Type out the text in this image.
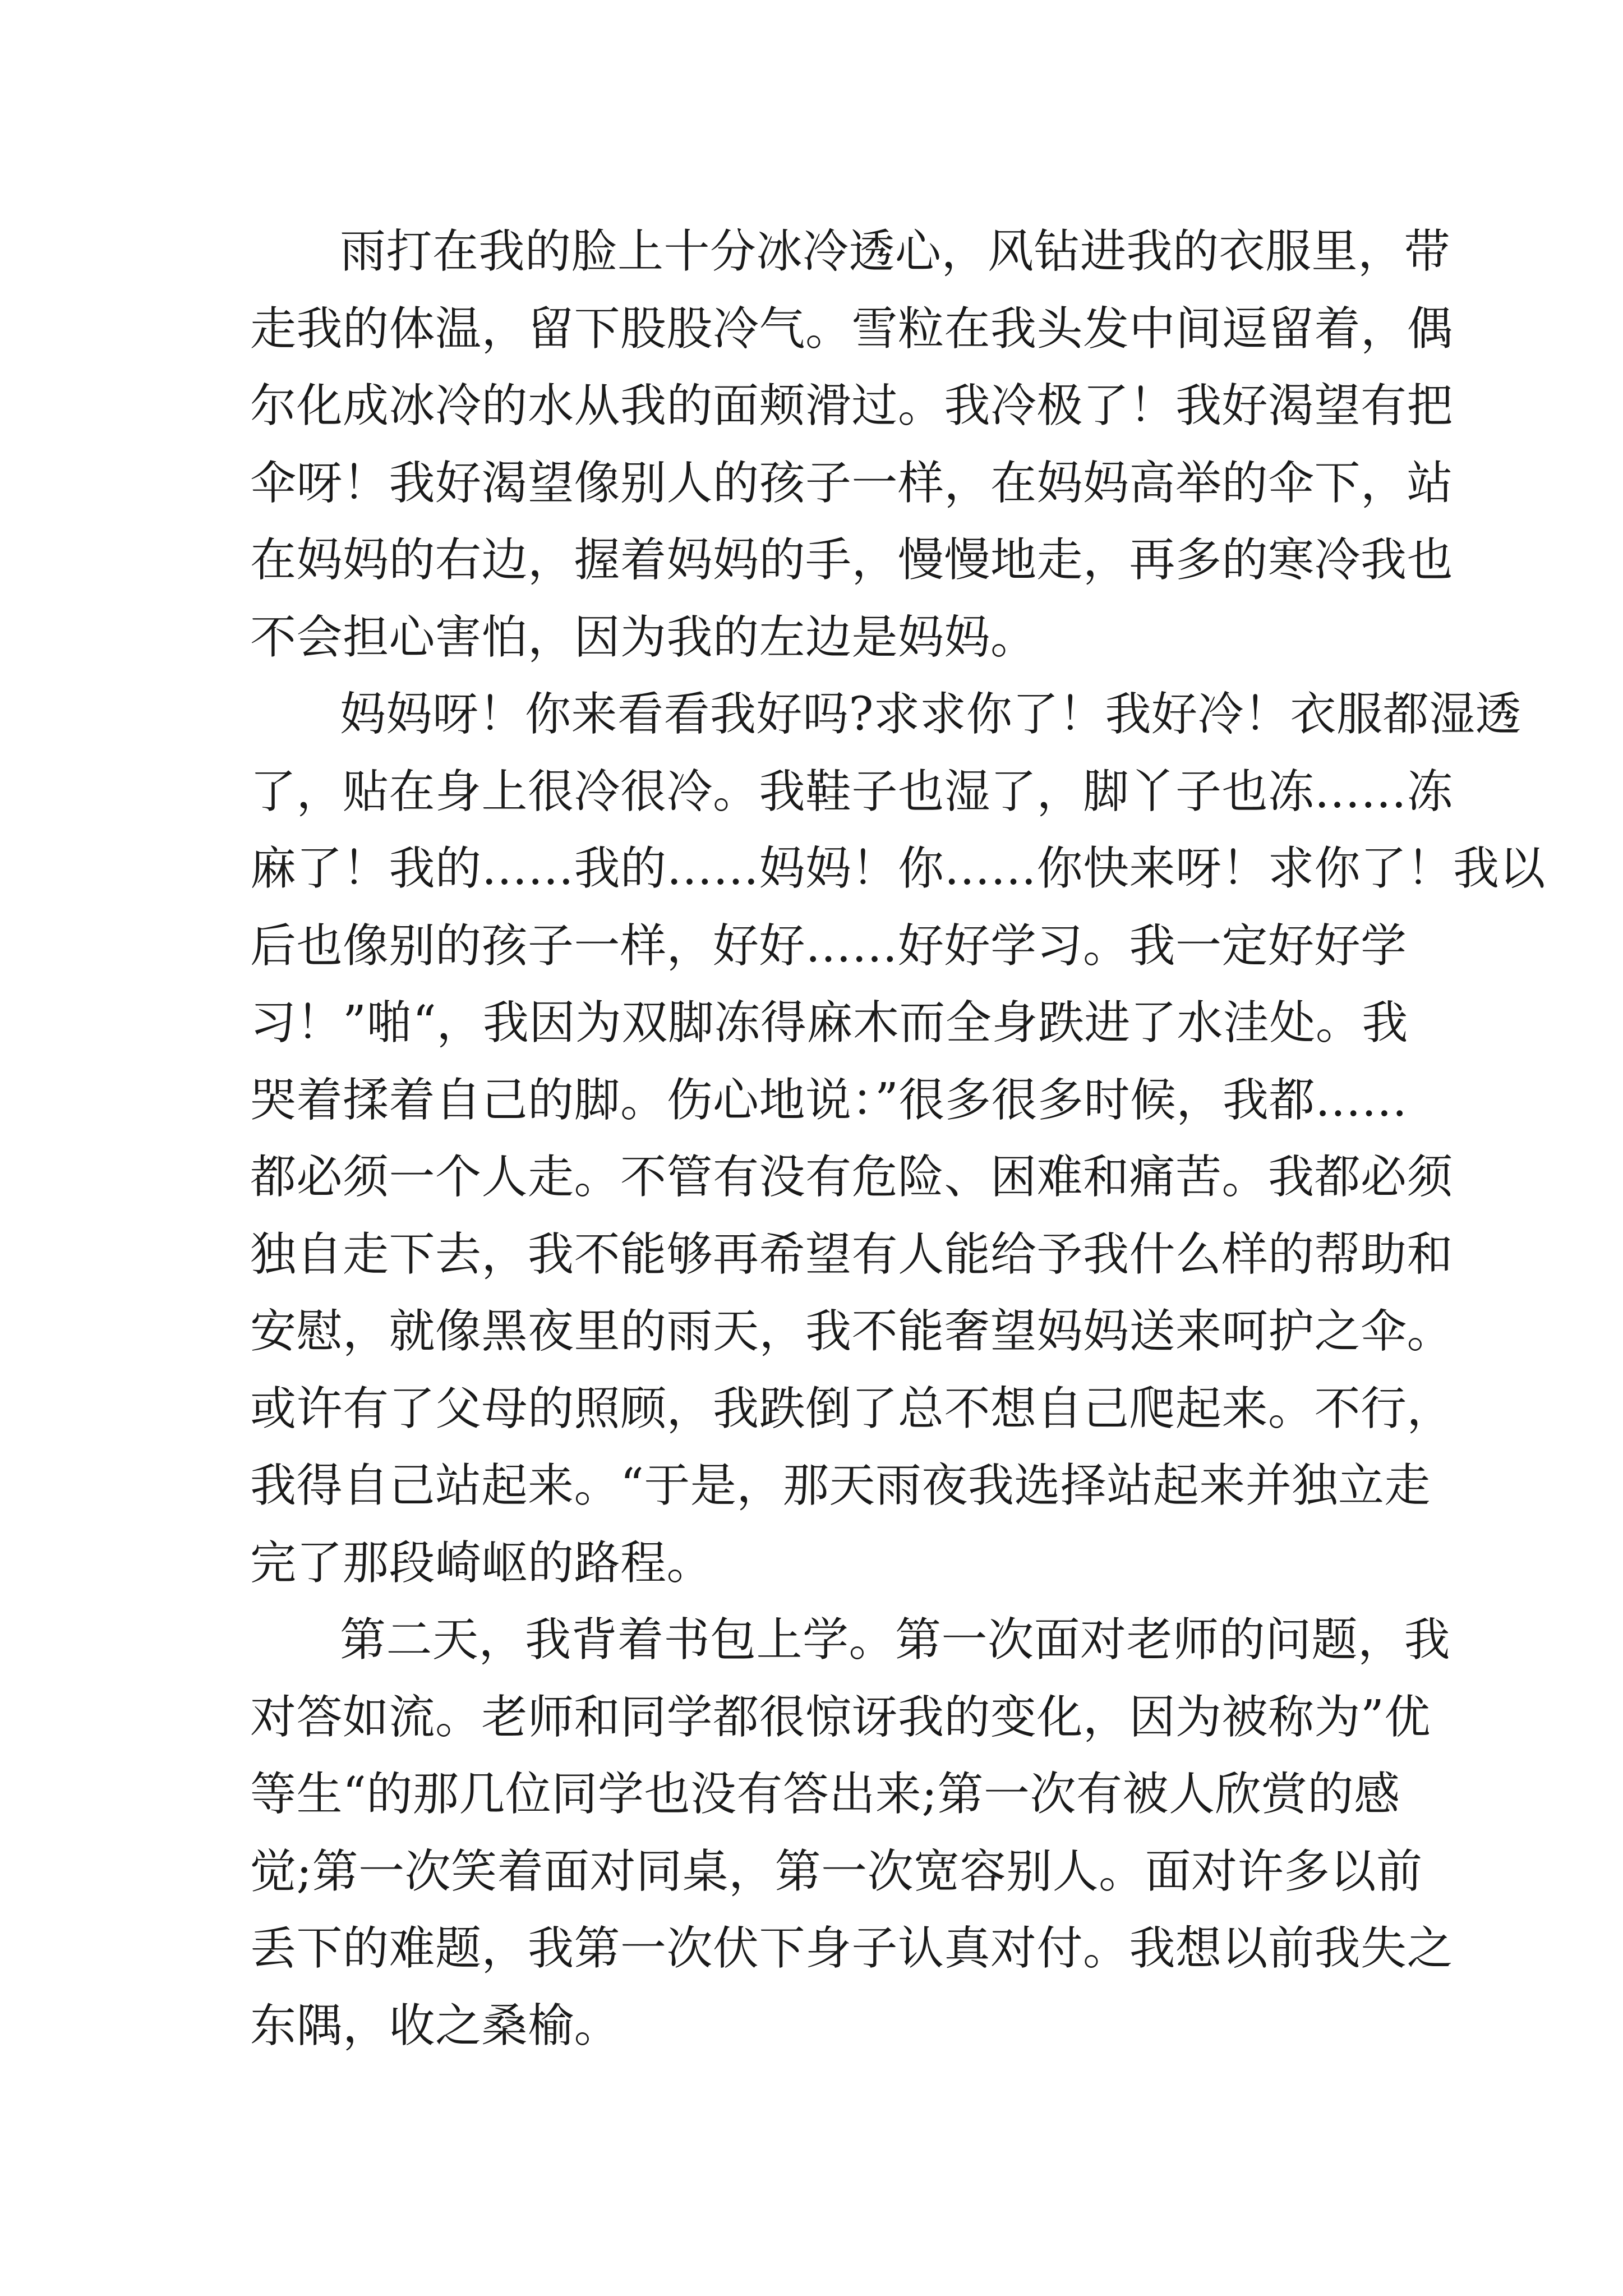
雨打在我的脸上十分冰冷透心，风钻进我的衣服里，带
走我的体温，留下股股冷气。雪粒在我头发中间逗留着，偶
尔化成冰冷的水从我的面颊滑过。我冷极了！我好渴望有把
伞呀！我好渴望像别人的孩子一样，在妈妈高举的伞下，站
在妈妈的右边，握着妈妈的手，慢慢地走，再多的寒冷我也
不会担心害怕，因为我的左边是妈妈。
妈妈呀！你来看看我好吗?求求你了！我好冷！衣服都湿透
了，贴在身上很冷很冷。我鞋子也湿了，脚丫子也冻……冻
麻了！我的……我的……妈妈！你……你快来呀！求你了！我以
后也像别的孩子一样，好好……好好学习。我一定好好学
习！”啪“，我因为双脚冻得麻木而全身跌进了水洼处。我
哭着揉着自己的脚。伤心地说：”很多很多时候，我都……
都必须一个人走。不管有没有危险、困难和痛苦。我都必须
独自走下去，我不能够再希望有人能给予我什么样的帮助和
安慰，就像黑夜里的雨天，我不能奢望妈妈送来呵护之伞。
或许有了父母的照顾，我跌倒了总不想自己爬起来。不行，
我得自己站起来。“于是，那天雨夜我选择站起来并独立走
完了那段崎岖的路程。
第二天，我背着书包上学。第一次面对老师的问题，我
对答如流。老师和同学都很惊讶我的变化，因为被称为”优
等生“的那几位同学也没有答出来;第一次有被人欣赏的感
觉;第一次笑着面对同桌，第一次宽容别人。面对许多以前
丢下的难题，我第一次伏下身子认真对付。我想以前我失之
东隅，收之桑榆。
